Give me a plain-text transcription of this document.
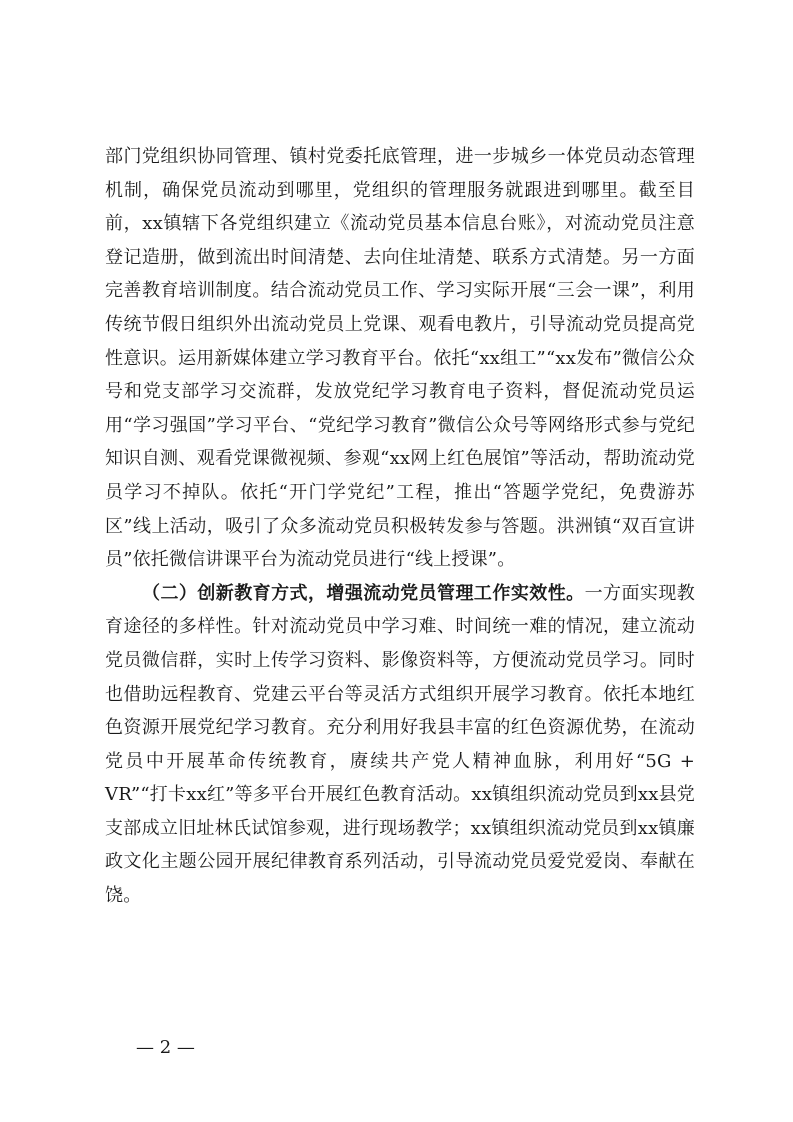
部门党组织协同管理、镇村党委托底管理，进一步城乡一体党员动态管理机制，确保党员流动到哪里，党组织的管理服务就跟进到哪里。截至目前，xx镇辖下各党组织建立《流动党员基本信息台账》，对流动党员注意登记造册，做到流出时间清楚、去向住址清楚、联系方式清楚。另一方面完善教育培训制度。结合流动党员工作、学习实际开展“三会一课”，利用传统节假日组织外出流动党员上党课、观看电教片，引导流动党员提高党性意识。运用新媒体建立学习教育平台。依托“xx组工”“xx发布”微信公众号和党支部学习交流群，发放党纪学习教育电子资料，督促流动党员运用“学习强国”学习平台、“党纪学习教育”微信公众号等网络形式参与党纪知识自测、观看党课微视频、参观“xx网上红色展馆”等活动，帮助流动党员学习不掉队。依托“开门学党纪”工程，推出“答题学党纪，免费游苏区”线上活动，吸引了众多流动党员积极转发参与答题。洪洲镇“双百宣讲员”依托微信讲课平台为流动党员进行“线上授课”。

（二）创新教育方式，增强流动党员管理工作实效性。一方面实现教育途径的多样性。针对流动党员中学习难、时间统一难的情况，建立流动党员微信群，实时上传学习资料、影像资料等，方便流动党员学习。同时也借助远程教育、党建云平台等灵活方式组织开展学习教育。依托本地红色资源开展党纪学习教育。充分利用好我县丰富的红色资源优势，在流动党员中开展革命传统教育，赓续共产党人精神血脉，利用好“5G + VR”“打卡xx红”等多平台开展红色教育活动。xx镇组织流动党员到xx县党支部成立旧址林氏试馆参观，进行现场教学；xx镇组织流动党员到xx镇廉政文化主题公园开展纪律教育系列活动，引导流动党员爱党爱岗、奉献在饶。

— 2 —
